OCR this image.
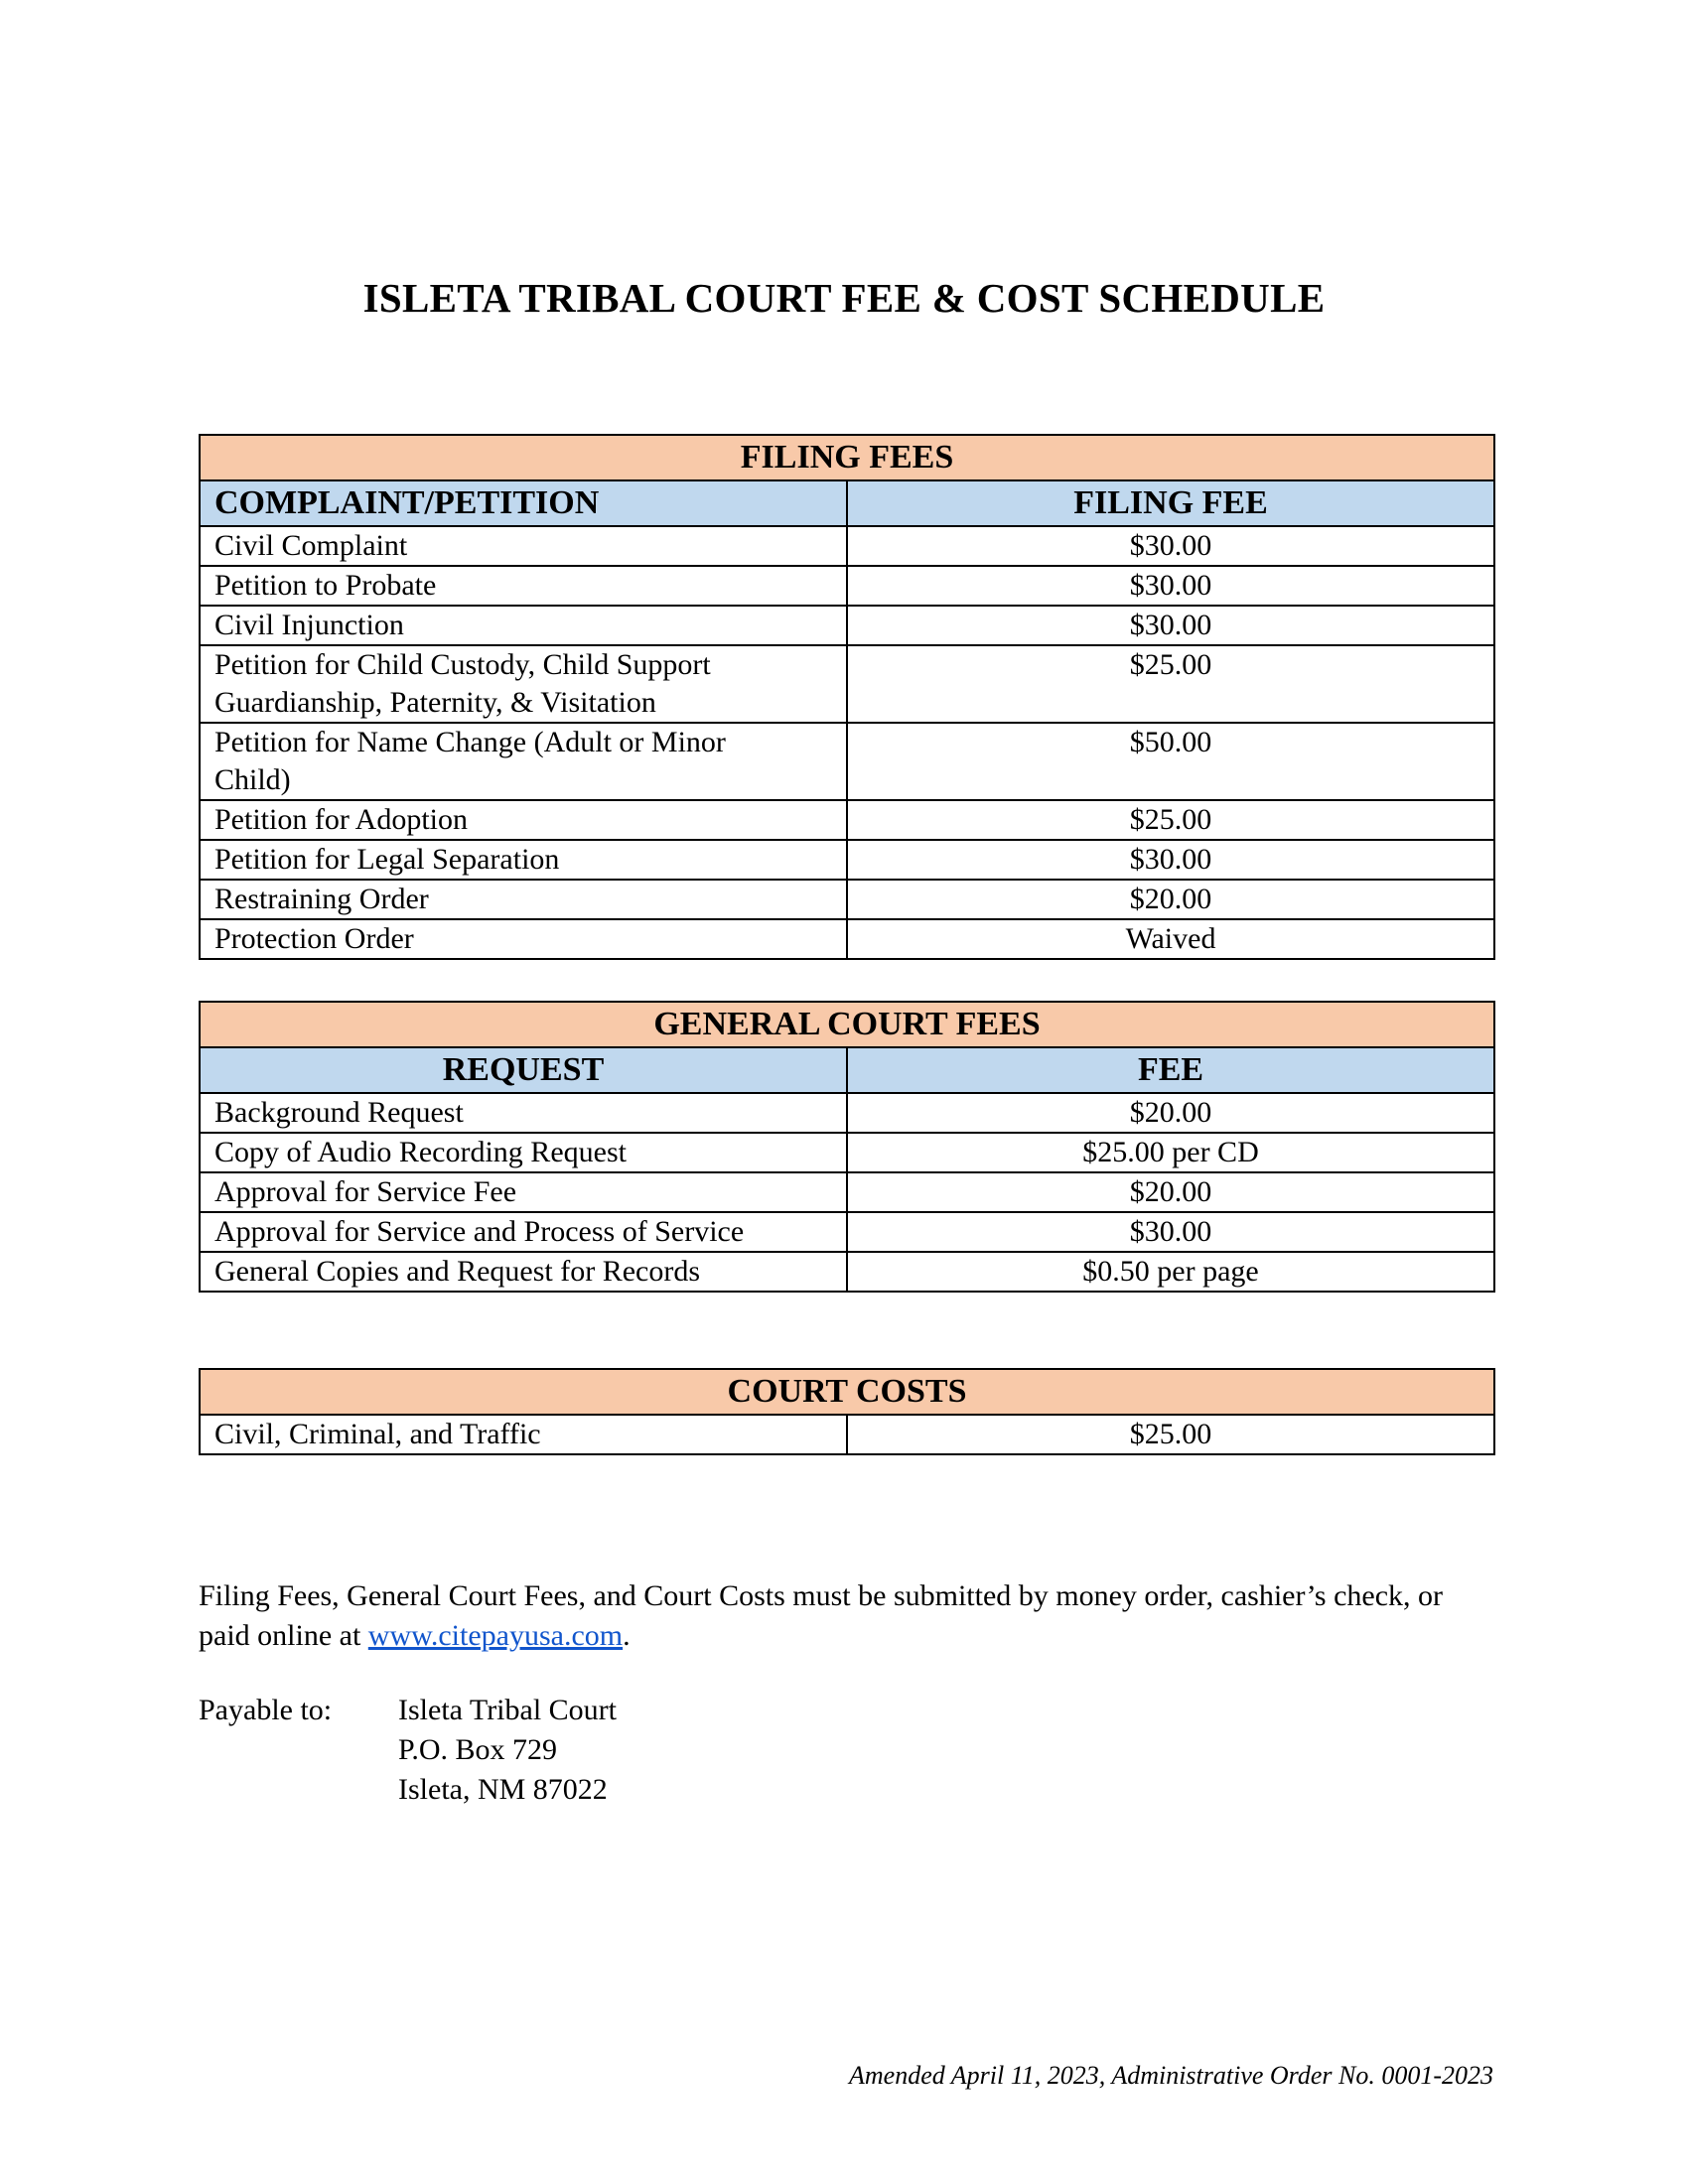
ISLETA TRIBAL COURT FEE & COST SCHEDULE
FILING FEES	
COMPLAINT/PETITION	FILING FEE
Civil Complaint	$30.00
Petition to Probate	$30.00
Civil Injunction	$30.00
Petition for Child Custody, Child Support
Guardianship, Paternity, & Visitation	$25.00
Petition for Name Change (Adult or Minor
Child)	$50.00
Petition for Adoption	$25.00
Petition for Legal Separation	$30.00
Restraining Order	$20.00
Protection Order	Waived
GENERAL COURT FEES	
REQUEST	FEE
Background Request	$20.00
Copy of Audio Recording Request	$25.00 per CD
Approval for Service Fee	$20.00
Approval for Service and Process of Service	$30.00
General Copies and Request for Records	$0.50 per page
COURT COSTS
Civil, Criminal, and Traffic	$25.00
Filing Fees, General Court Fees, and Court Costs must be submitted by money order, cashier’s check, or paid online at www.citepayusa.com.
Payable to: Isleta Tribal Court
P.O. Box 729
Isleta, NM 87022
Amended April 11, 2023, Administrative Order No. 0001-2023
